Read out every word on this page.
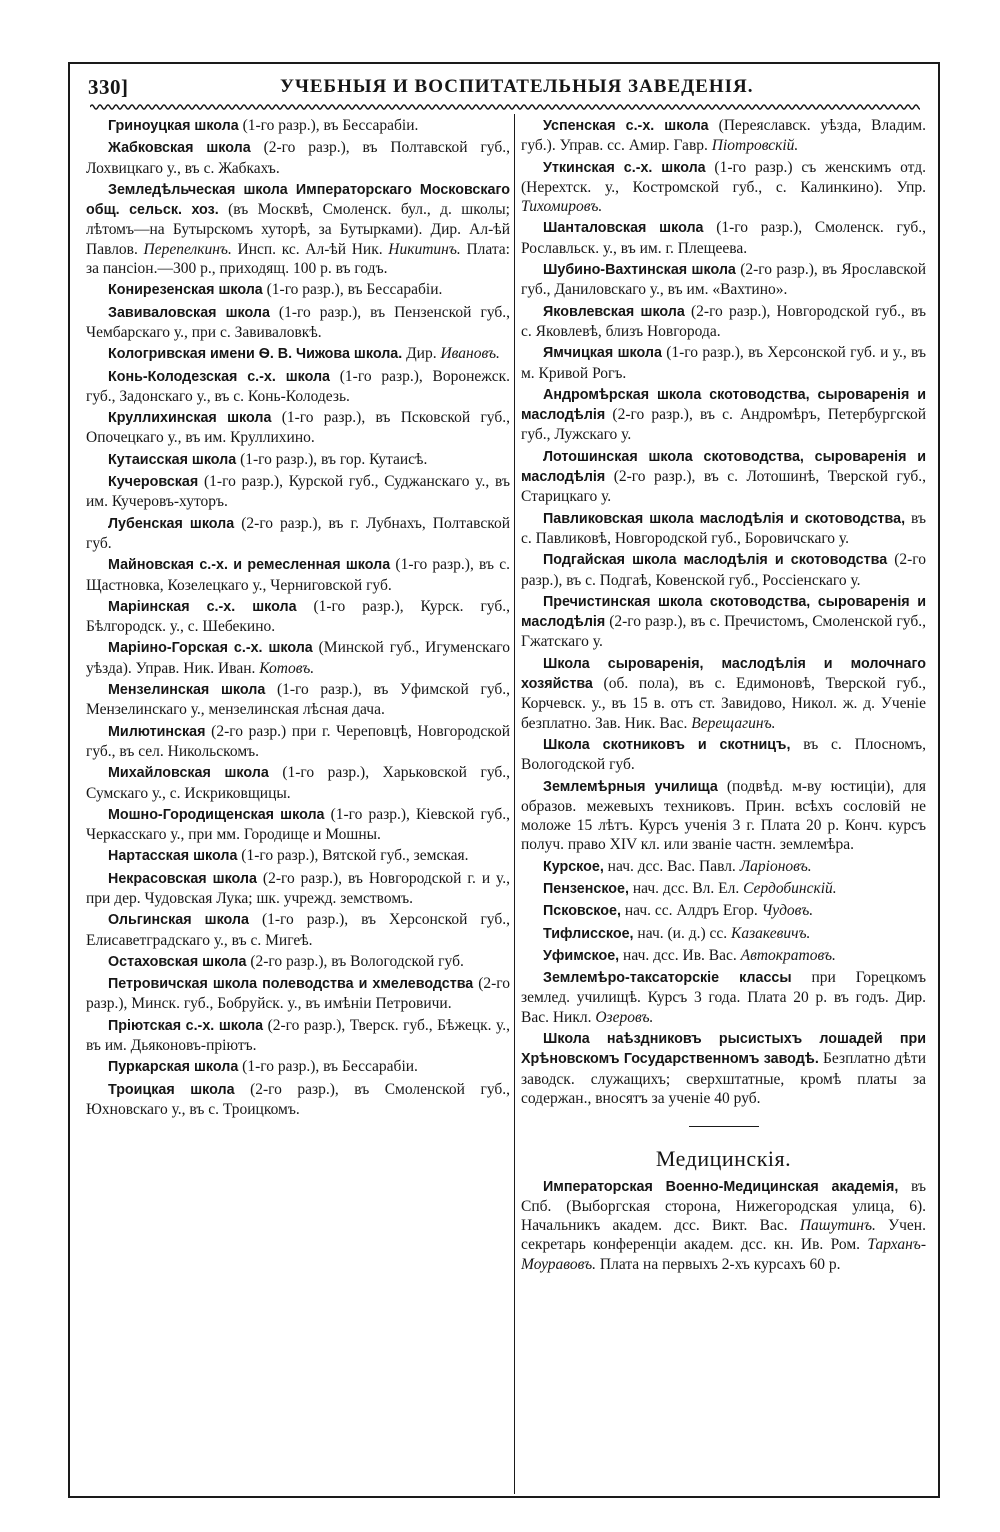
330]	УЧЕБНЫЯ И ВОСПИТАТЕЛЬНЫЯ ЗАВЕДЕНІЯ.

Гриноуцкая школа (1-го разр.), въ Бессарабіи.

Жабковская школа (2-го разр.), въ Полтавской губ., Лохвицкаго у., въ с. Жабкахъ.

Земледѣльческая школа Императорскаго Московскаго общ. сельск. хоз. (въ Москвѣ, Смоленск. бул., д. школы; лѣтомъ—на Бутырскомъ хуторѣ, за Бутырками). Дир. Ал-ѣй Павлов. Перепелкинъ. Инсп. кс. Ал-ѣй Ник. Никитинъ. Плата: за пансіон.—300 р., приходящ. 100 р. въ годъ.

Конирезенская школа (1-го разр.), въ Бессарабіи.

Завиваловская школа (1-го разр.), въ Пензенской губ., Чембарскаго у., при с. Завиваловкѣ.

Кологривская имени Ѳ. В. Чижова школа. Дир. Ивановъ.

Конь-Колодезская с.-х. школа (1-го разр.), Воронежск. губ., Задонскаго у., въ с. Конь-Колодезь.

Круллихинская школа (1-го разр.), въ Псковской губ., Опочецкаго у., въ им. Круллихино.

Кутаисская школа (1-го разр.), въ гор. Кутаисѣ.

Кучеровская (1-го разр.), Курской губ., Суджанскаго у., въ им. Кучеровъ-хуторъ.

Лубенская школа (2-го разр.), въ г. Лубнахъ, Полтавской губ.

Майновская с.-х. и ремесленная школа (1-го разр.), въ с. Щастновка, Козелецкаго у., Черниговской губ.

Маріинская с.-х. школа (1-го разр.), Курск. губ., Бѣлгородск. у., с. Шебекино.

Маріино-Горская с.-х. школа (Минской губ., Игуменскаго уѣзда). Управ. Ник. Иван. Котовъ.

Мензелинская школа (1-го разр.), въ Уфимской губ., Мензелинскаго у., мензелинская лѣсная дача.

Милютинская (2-го разр.) при г. Череповцѣ, Новгородской губ., въ сел. Никольскомъ.

Михайловская школа (1-го разр.), Харьковской губ., Сумскаго у., с. Искриковщицы.

Мошно-Городищенская школа (1-го разр.), Кіевской губ., Черкасскаго у., при мм. Городище и Мошны.

Нартасская школа (1-го разр.), Вятской губ., земская.

Некрасовская школа (2-го разр.), въ Новгородской г. и у., при дер. Чудовская Лука; шк. учрежд. земствомъ.

Ольгинская школа (1-го разр.), въ Херсонской губ., Елисаветградскаго у., въ с. Мигеѣ.

Остаховская школа (2-го разр.), въ Вологодской губ.

Петровичская школа полеводства и хмелеводства (2-го разр.), Минск. губ., Бобруйск. у., въ имѣніи Петровичи.

Пріютская с.-х. школа (2-го разр.), Тверск. губ., Бѣжецк. у., въ им. Дьяконовъ-пріютъ.

Пуркарская школа (1-го разр.), въ Бессарабіи.

Троицкая школа (2-го разр.), въ Смоленской губ., Юхновскаго у., въ с. Троицкомъ.

Успенская с.-х. школа (Переяславск. уѣзда, Владим. губ.). Управ. сс. Амир. Гавр. Піотровскій.

Уткинская с.-х. школа (1-го разр.) съ женскимъ отд. (Нерехтск. у., Костромской губ., с. Калинкино). Упр. Тихомировъ.

Шанталовская школа (1-го разр.), Смоленск. губ., Рославльск. у., въ им. г. Плещеева.

Шубино-Вахтинская школа (2-го разр.), въ Ярославской губ., Даниловскаго у., въ им. «Вахтино».

Яковлевская школа (2-го разр.), Новгородской губ., въ с. Яковлевѣ, близъ Новгорода.

Ямчицкая школа (1-го разр.), въ Херсонской губ. и у., въ м. Кривой Рогъ.

Андромѣрская школа скотоводства, сыроваренія и маслодѣлія (2-го разр.), въ с. Андромѣръ, Петербургской губ., Лужскаго у.

Лотошинская школа скотоводства, сыроваренія и маслодѣлія (2-го разр.), въ с. Лотошинѣ, Тверской губ., Старицкаго у.

Павликовская школа маслодѣлія и скотоводства, въ с. Павликовѣ, Новгородской губ., Боровичскаго у.

Подгайская школа маслодѣлія и скотоводства (2-го разр.), въ с. Подгаѣ, Ковенской губ., Россіенскаго у.

Пречистинская школа скотоводства, сыроваренія и маслодѣлія (2-го разр.), въ с. Пречистомъ, Смоленской губ., Гжатскаго у.

Школа сыроваренія, маслодѣлія и молочнаго хозяйства (об. пола), въ с. Едимоновѣ, Тверской губ., Корчевск. у., въ 15 в. отъ ст. Завидово, Никол. ж. д. Ученіе безплатно. Зав. Ник. Вас. Верещагинъ.

Школа скотниковъ и скотницъ, въ с. Плосномъ, Вологодской губ.

Землемѣрныя училища (подвѣд. м-ву юстиціи), для образов. межевыхъ техниковъ. Прин. всѣхъ сословій не моложе 15 лѣтъ. Курсъ ученія 3 г. Плата 20 р. Конч. курсъ получ. право XIV кл. или званіе частн. землемѣра.

Курское, нач. дсс. Вас. Павл. Ларіоновъ.

Пензенское, нач. дсс. Вл. Ел. Сердобинскій.

Псковское, нач. сс. Алдръ Егор. Чудовъ.

Тифлисское, нач. (и. д.) сс. Казакевичъ.

Уфимское, нач. дсс. Ив. Вас. Автократовъ.

Землемѣро-таксаторскіе классы при Горецкомъ землед. училищѣ. Курсъ 3 года. Плата 20 р. въ годъ. Дир. Вас. Никл. Озеровъ.

Школа наѣздниковъ рысистыхъ лошадей при Хрѣновскомъ Государственномъ заводѣ. Безплатно дѣти заводск. служащихъ; сверхштатные, кромѣ платы за содержан., вносятъ за ученіе 40 руб.

Медицинскія.

Императорская Военно-Медицинская академія, въ Спб. (Выборгская сторона, Нижегородская улица, 6). Начальникъ академ. дсс. Викт. Вас. Пашутинъ. Учен. секретарь конференціи академ. дсс. кн. Ив. Ром. Тарханъ-Моуравовъ. Плата на первыхъ 2-хъ курсахъ 60 р.
